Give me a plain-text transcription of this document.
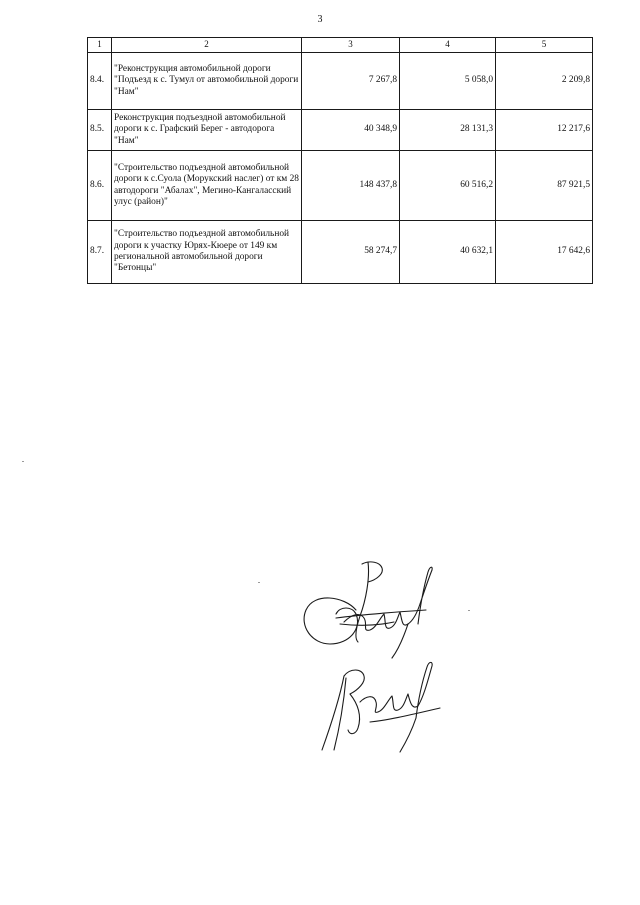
3
1	2	3	4	5
8.4.	"Реконструкция автомобильной дороги "Подъезд к с. Тумул от автомобильной дороги "Нам"	7 267,8	5 058,0	2 209,8
8.5.	Реконструкция подъездной автомобильной дороги к с. Графский Берег - автодорога "Нам"	40 348,9	28 131,3	12 217,6
8.6.	"Строительство подъездной автомобильной дороги к с.Суола (Морукский наслег) от км 28 автодороги "Абалах", Мегино-Кангаласский улус (район)"	148 437,8	60 516,2	87 921,5
8.7.	"Строительство подъездной автомобильной дороги к участку Юрях-Кюере от 149 км региональной автомобильной дороги "Бетонцы"	58 274,7	40 632,1	17 642,6
